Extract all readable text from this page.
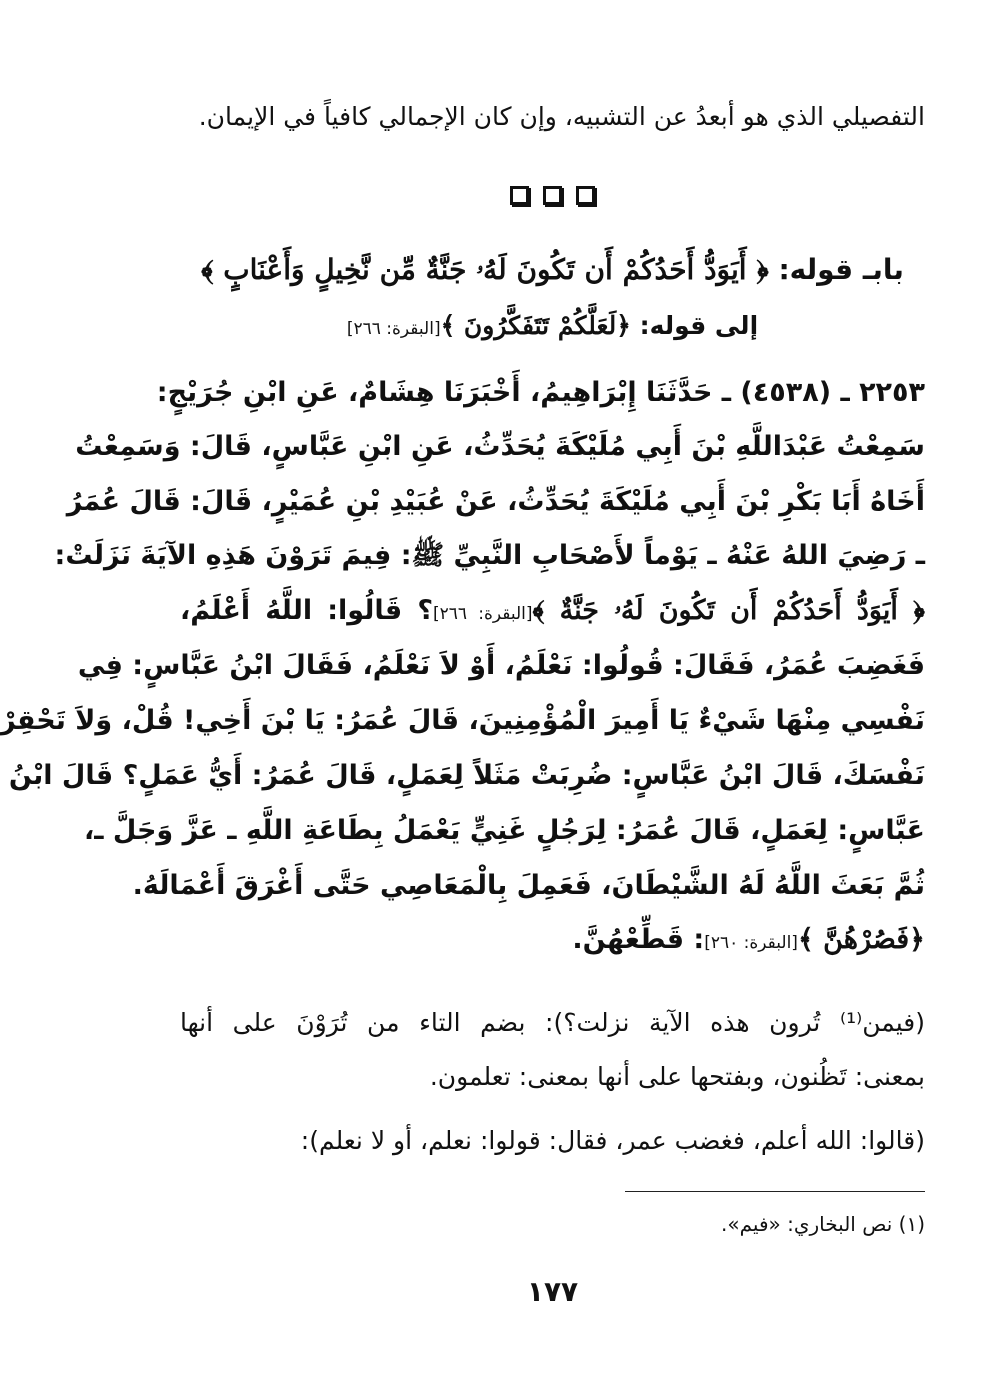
التفصيلي الذي هو أبعدُ عن التشبيه، وإن كان الإجمالي كافياً في الإيمان.
بابـ قوله: ﴿ أَيَوَدُّ أَحَدُكُمْ أَن تَكُونَ لَهُۥ جَنَّةٌ مِّن نَّخِيلٍ وَأَعْنَابٍ ﴾
إلى قوله: ﴿لَعَلَّكُمْ تَتَفَكَّرُونَ ﴾[البقرة: ٢٦٦]
٢٢٥٣ ـ (٤٥٣٨) ـ حَدَّثَنَا إِبْرَاهِيمُ، أَخْبَرَنَا هِشَامٌ، عَنِ ابْنِ جُرَيْجٍ:
سَمِعْتُ عَبْدَاللَّهِ بْنَ أَبِي مُلَيْكَةَ يُحَدِّثُ، عَنِ ابْنِ عَبَّاسٍ، قَالَ: وَسَمِعْتُ
أَخَاهُ أَبَا بَكْرِ بْنَ أَبِي مُلَيْكَةَ يُحَدِّثُ، عَنْ عُبَيْدِ بْنِ عُمَيْرٍ، قَالَ: قَالَ عُمَرُ
ـ رَضِيَ اللهُ عَنْهُ ـ يَوْماً لأَصْحَابِ النَّبِيِّ ﷺ: فِيمَ تَرَوْنَ هَذِهِ الآيَةَ نَزَلَتْ:
﴿ أَيَوَدُّ أَحَدُكُمْ أَن تَكُونَ لَهُۥ جَنَّةٌ ﴾[البقرة: ٢٦٦]؟ قَالُوا: اللَّهُ أَعْلَمُ،
فَغَضِبَ عُمَرُ، فَقَالَ: قُولُوا: نَعْلَمُ، أَوْ لاَ نَعْلَمُ، فَقَالَ ابْنُ عَبَّاسٍ: فِي
نَفْسِي مِنْهَا شَيْءٌ يَا أَمِيرَ الْمُؤْمِنِينَ، قَالَ عُمَرُ: يَا بْنَ أَخِي! قُلْ، وَلاَ تَحْقِرْ
نَفْسَكَ، قَالَ ابْنُ عَبَّاسٍ: ضُرِبَتْ مَثَلاً لِعَمَلٍ، قَالَ عُمَرُ: أَيُّ عَمَلٍ؟ قَالَ ابْنُ
عَبَّاسٍ: لِعَمَلٍ، قَالَ عُمَرُ: لِرَجُلٍ غَنِيٍّ يَعْمَلُ بِطَاعَةِ اللَّهِ ـ عَزَّ وَجَلَّ ـ،
ثُمَّ بَعَثَ اللَّهُ لَهُ الشَّيْطَانَ، فَعَمِلَ بِالْمَعَاصِي حَتَّى أَغْرَقَ أَعْمَالَهُ.
﴿فَصُرْهُنَّ ﴾[البقرة: ٢٦٠]: قَطِّعْهُنَّ.
(فيمن⁽¹⁾ تُرون هذه الآية نزلت؟): بضم التاء من تُرَوْنَ على أنها
بمعنى: تَظُنون، وبفتحها على أنها بمعنى: تعلمون.
(قالوا: الله أعلم، فغضب عمر، فقال: قولوا: نعلم، أو لا نعلم):
(١) نص البخاري: «فيم».
١٧٧
